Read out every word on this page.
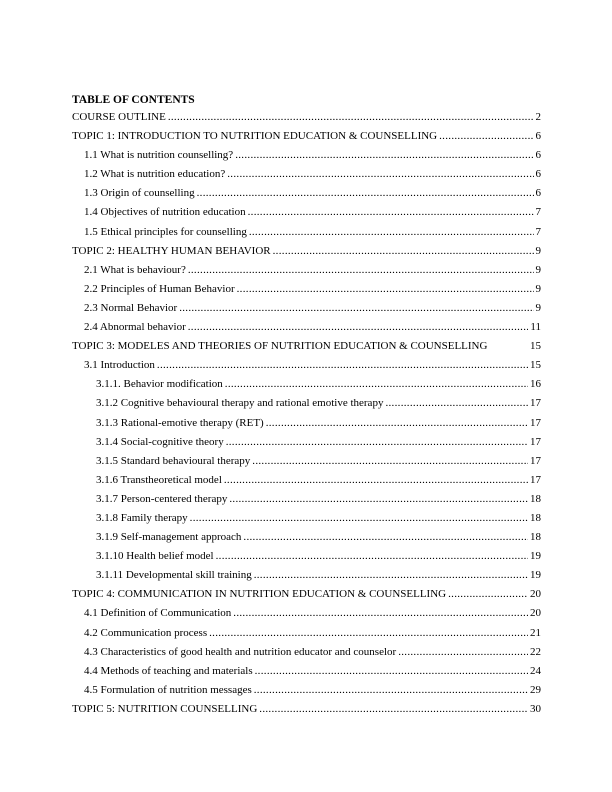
TABLE OF CONTENTS
COURSE OUTLINE .....	2
TOPIC 1: INTRODUCTION TO NUTRITION EDUCATION & COUNSELLING .....	6
1.1 What is nutrition counselling? .....	6
1.2 What is nutrition education? .....	6
1.3 Origin of counselling .....	6
1.4 Objectives of nutrition education .....	7
1.5 Ethical principles for counselling .....	7
TOPIC 2: HEALTHY HUMAN BEHAVIOR .....	9
2.1 What is behaviour? .....	9
2.2 Principles of Human Behavior .....	9
2.3 Normal Behavior .....	9
2.4 Abnormal behavior .....	11
TOPIC 3: MODELES AND THEORIES OF NUTRITION EDUCATION & COUNSELLING	15
3.1 Introduction .....	15
3.1.1. Behavior modification .....	16
3.1.2 Cognitive behavioural therapy and rational emotive therapy .....	17
3.1.3 Rational-emotive therapy (RET) .....	17
3.1.4 Social-cognitive theory .....	17
3.1.5 Standard behavioural therapy .....	17
3.1.6 Transtheoretical model .....	17
3.1.7 Person-centered therapy .....	18
3.1.8 Family therapy .....	18
3.1.9 Self-management approach .....	18
3.1.10 Health belief model .....	19
3.1.11 Developmental skill training .....	19
TOPIC 4: COMMUNICATION IN NUTRITION EDUCATION & COUNSELLING .....	20
4.1 Definition of Communication .....	20
4.2 Communication process .....	21
4.3 Characteristics of good health and nutrition educator and counselor .....	22
4.4 Methods of teaching and materials .....	24
4.5 Formulation of nutrition messages .....	29
TOPIC 5: NUTRITION COUNSELLING .....	30
